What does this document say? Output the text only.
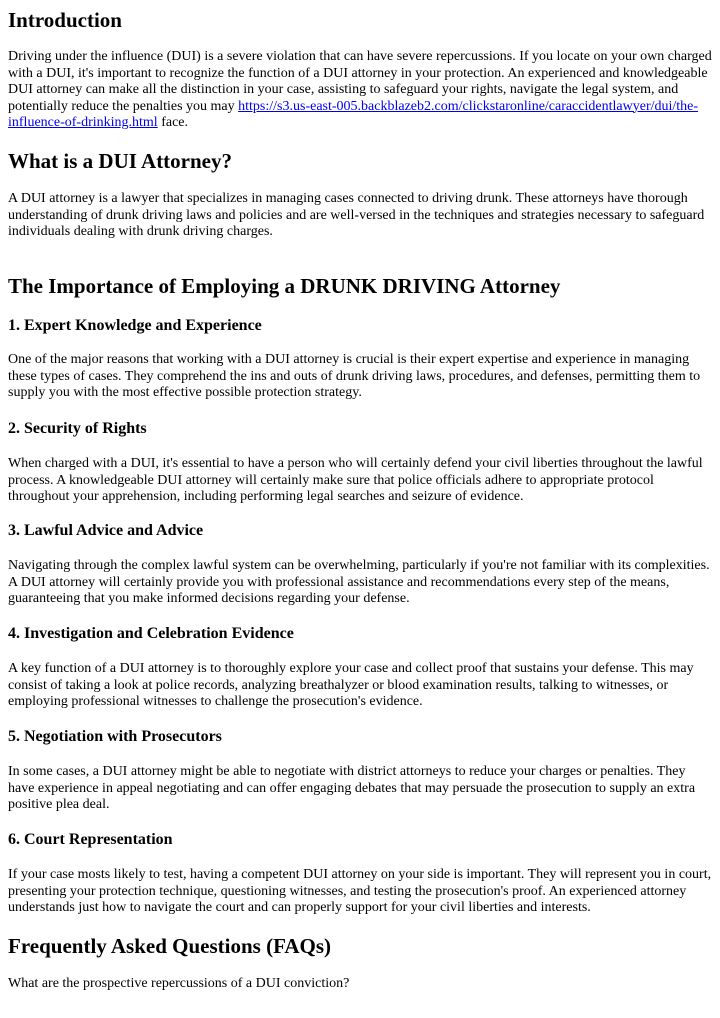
Introduction

Driving under the influence (DUI) is a severe violation that can have severe repercussions. If you locate on your own charged with a DUI, it's important to recognize the function of a DUI attorney in your protection. An experienced and knowledgeable DUI attorney can make all the distinction in your case, assisting to safeguard your rights, navigate the legal system, and potentially reduce the penalties you may https://s3.us-east-005.backblazeb2.com/clickstaronline/caraccidentlawyer/dui/the-influence-of-drinking.html face.

What is a DUI Attorney?

A DUI attorney is a lawyer that specializes in managing cases connected to driving drunk. These attorneys have thorough understanding of drunk driving laws and policies and are well-versed in the techniques and strategies necessary to safeguard individuals dealing with drunk driving charges.

The Importance of Employing a DRUNK DRIVING Attorney
1. Expert Knowledge and Experience

One of the major reasons that working with a DUI attorney is crucial is their expert expertise and experience in managing these types of cases. They comprehend the ins and outs of drunk driving laws, procedures, and defenses, permitting them to supply you with the most effective possible protection strategy.

2. Security of Rights

When charged with a DUI, it's essential to have a person who will certainly defend your civil liberties throughout the lawful process. A knowledgeable DUI attorney will certainly make sure that police officials adhere to appropriate protocol throughout your apprehension, including performing legal searches and seizure of evidence.

3. Lawful Advice and Advice

Navigating through the complex lawful system can be overwhelming, particularly if you're not familiar with its complexities. A DUI attorney will certainly provide you with professional assistance and recommendations every step of the means, guaranteeing that you make informed decisions regarding your defense.

4. Investigation and Celebration Evidence

A key function of a DUI attorney is to thoroughly explore your case and collect proof that sustains your defense. This may consist of taking a look at police records, analyzing breathalyzer or blood examination results, talking to witnesses, or employing professional witnesses to challenge the prosecution's evidence.

5. Negotiation with Prosecutors

In some cases, a DUI attorney might be able to negotiate with district attorneys to reduce your charges or penalties. They have experience in appeal negotiating and can offer engaging debates that may persuade the prosecution to supply an extra positive plea deal.

6. Court Representation

If your case mosts likely to test, having a competent DUI attorney on your side is important. They will represent you in court, presenting your protection technique, questioning witnesses, and testing the prosecution's proof. An experienced attorney understands just how to navigate the court and can properly support for your civil liberties and interests.

Frequently Asked Questions (FAQs)

What are the prospective repercussions of a DUI conviction?
